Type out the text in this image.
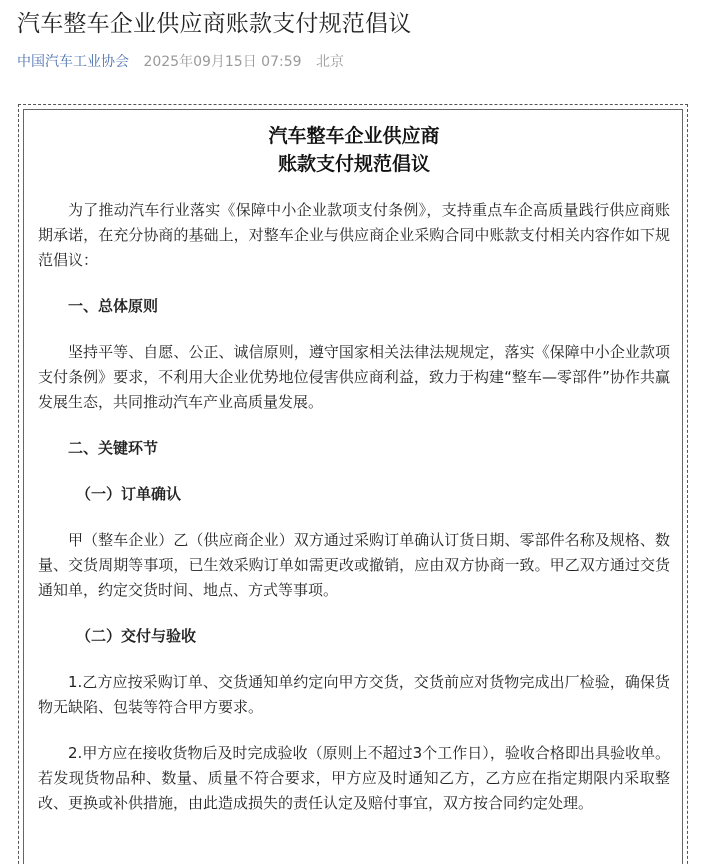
汽车整车企业供应商账款支付规范倡议
中国汽车工业协会 2025年09月15日 07:59 北京
汽车整车企业供应商
账款支付规范倡议

为了推动汽车行业落实《保障中小企业款项支付条例》，支持重点车企高质量践行供应商账期承诺，在充分协商的基础上，对整车企业与供应商企业采购合同中账款支付相关内容作如下规范倡议：

一、总体原则

坚持平等、自愿、公正、诚信原则，遵守国家相关法律法规规定，落实《保障中小企业款项支付条例》要求，不利用大企业优势地位侵害供应商利益，致力于构建“整车—零部件”协作共赢发展生态，共同推动汽车产业高质量发展。

二、关键环节

（一）订单确认

甲（整车企业）乙（供应商企业）双方通过采购订单确认订货日期、零部件名称及规格、数量、交货周期等事项，已生效采购订单如需更改或撤销，应由双方协商一致。甲乙双方通过交货通知单，约定交货时间、地点、方式等事项。

（二）交付与验收

1.乙方应按采购订单、交货通知单约定向甲方交货，交货前应对货物完成出厂检验，确保货物无缺陷、包装等符合甲方要求。

2.甲方应在接收货物后及时完成验收（原则上不超过3个工作日），验收合格即出具验收单。若发现货物品种、数量、质量不符合要求，甲方应及时通知乙方，乙方应在指定期限内采取整改、更换或补供措施，由此造成损失的责任认定及赔付事宜，双方按合同约定处理。
